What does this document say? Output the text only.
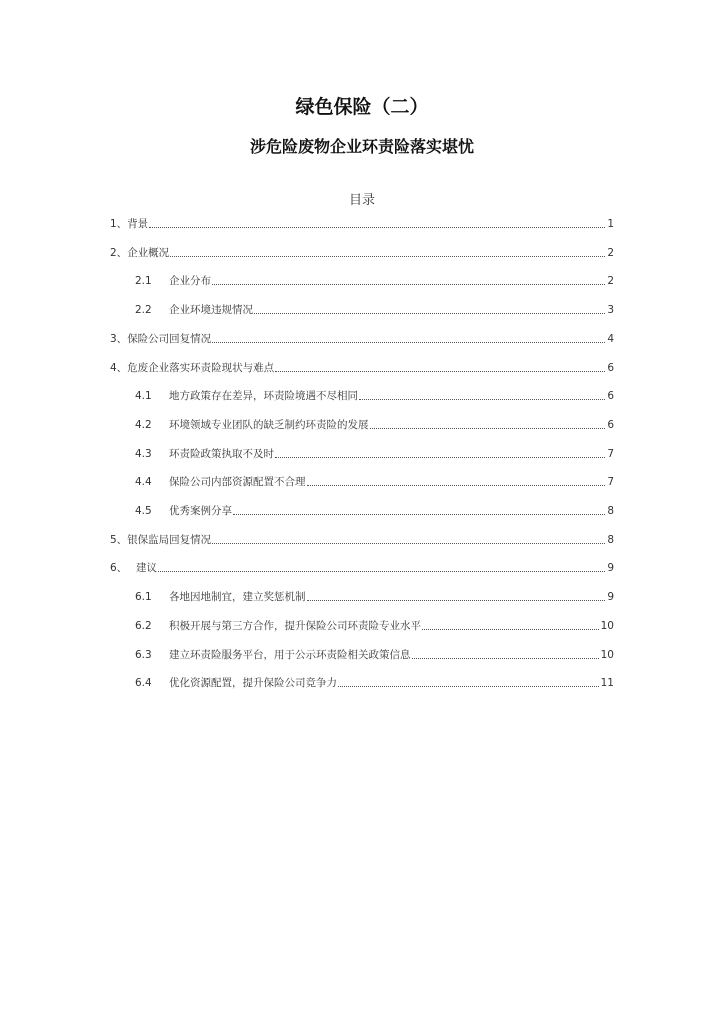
绿色保险（二）
涉危险废物企业环责险落实堪忧
目录
1、 背景	1
2、 企业概况	2
2.1	企业分布	2
2.2	企业环境违规情况	3
3、 保险公司回复情况	4
4、 危废企业落实环责险现状与难点	6
4.1	地方政策存在差异，环责险境遇不尽相同	6
4.2	环境领域专业团队的缺乏制约环责险的发展	6
4.3	环责险政策执取不及时	7
4.4	保险公司内部资源配置不合理	7
4.5	优秀案例分享	8
5、 银保监局回复情况	8
6、 建议	9
6.1	各地因地制宜，建立奖惩机制	9
6.2	积极开展与第三方合作，提升保险公司环责险专业水平	10
6.3	建立环责险服务平台，用于公示环责险相关政策信息	10
6.4	优化资源配置，提升保险公司竞争力	11
